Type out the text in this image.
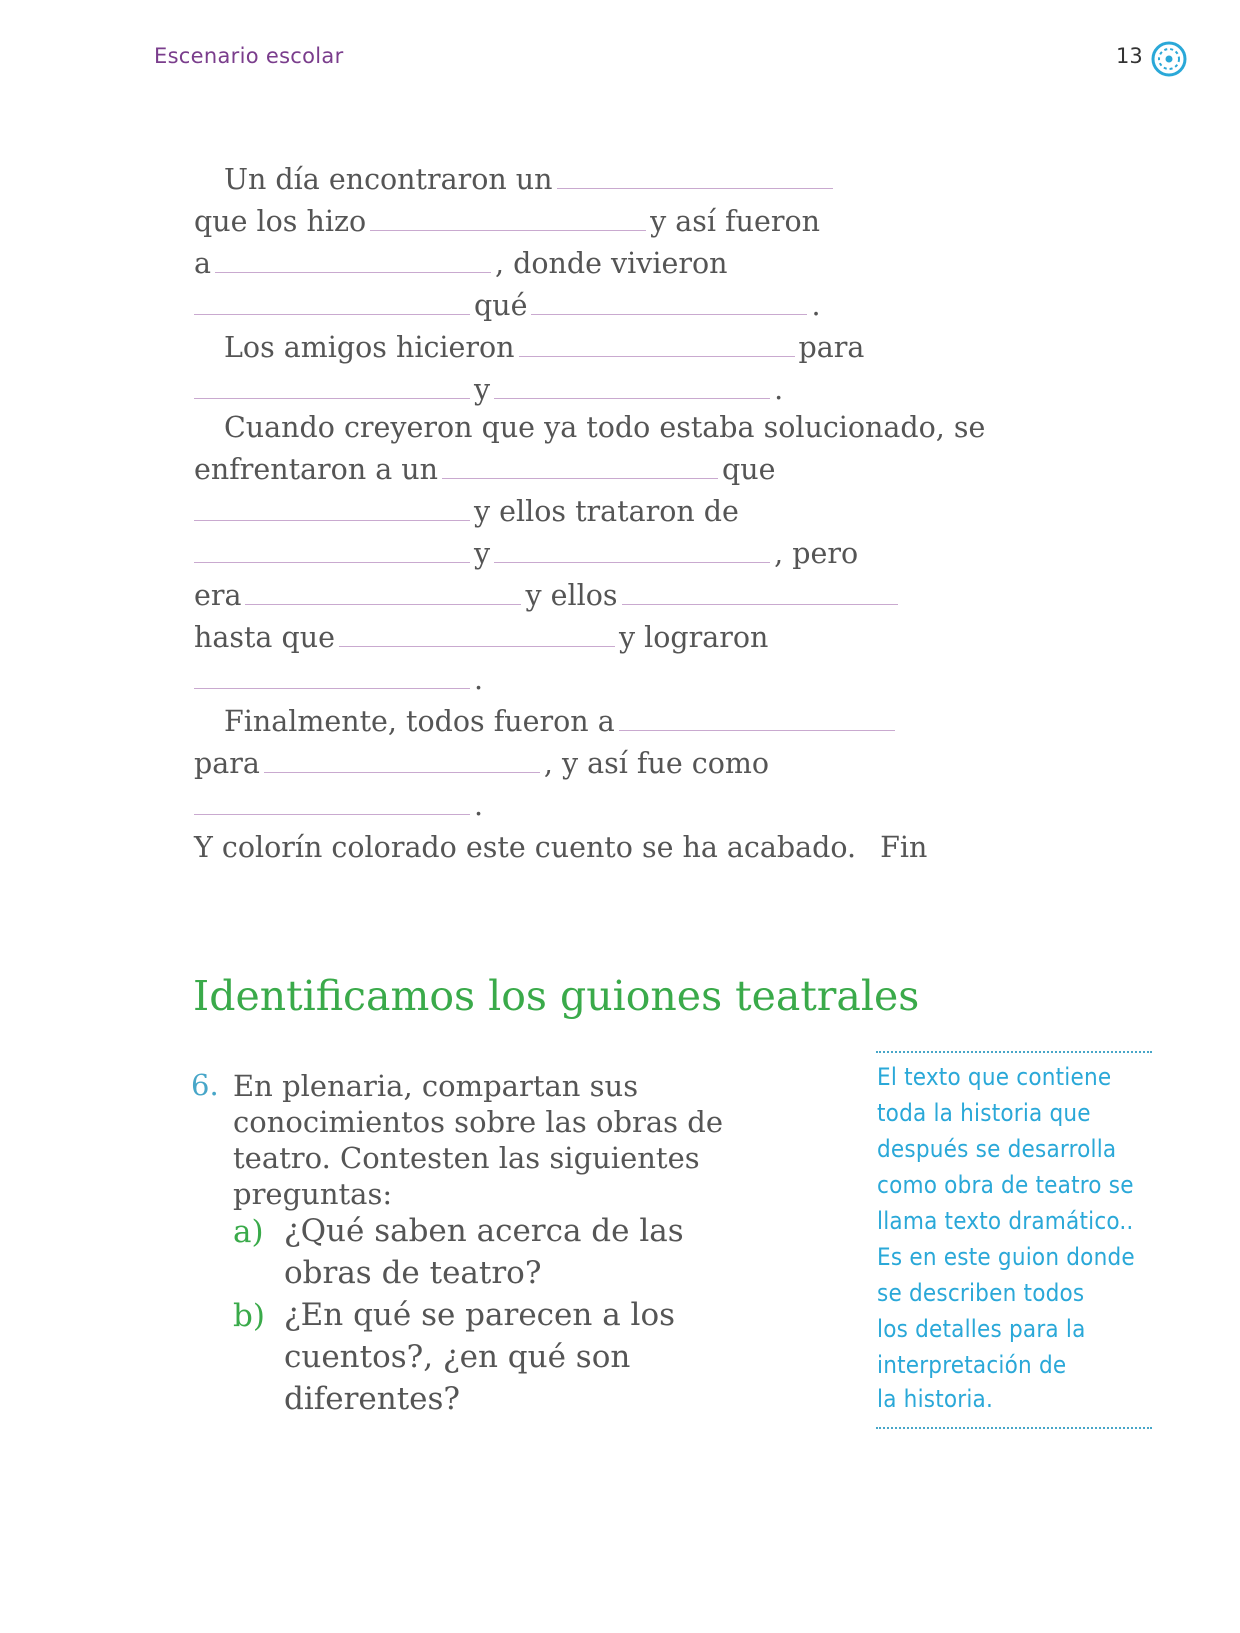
Escenario escolar	13
Un día encontraron un
que los hizo	y así fueron
a	, donde vivieron
qué	.
Los amigos hicieron	para
y	.
Cuando creyeron que ya todo estaba solucionado, se
enfrentaron a un	que
y ellos trataron de
y	, pero
era	y ellos
hasta que	y lograron
.
Finalmente, todos fueron a
para	, y así fue como
.
Y colorín colorado este cuento se ha acabado. Fin
Identificamos los guiones teatrales
6. En plenaria, compartan sus conocimientos sobre las obras de teatro. Contesten las siguientes preguntas:
a) ¿Qué saben acerca de las obras de teatro?
b) ¿En qué se parecen a los cuentos?, ¿en qué son diferentes?
El texto que contiene
toda la historia que
después se desarrolla
como obra de teatro se
llama texto dramático..
Es en este guion donde
se describen todos
los detalles para la
interpretación de
la historia.
